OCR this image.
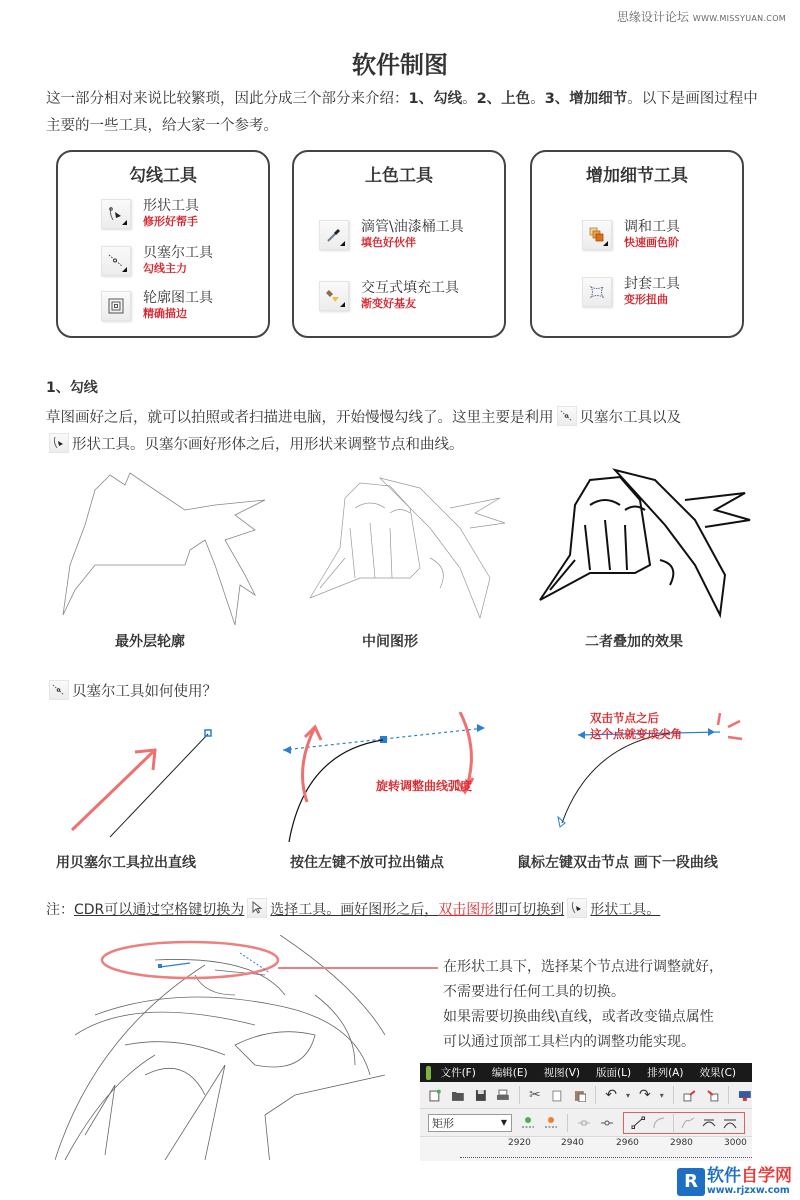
思缘设计论坛 WWW.MISSYUAN.COM
软件制图
这一部分相对来说比较繁琐，因此分成三个部分来介绍：1、勾线。2、上色。3、增加细节。以下是画图过程中主要的一些工具，给大家一个参考。
勾线工具
形状工具
修形好帮手
贝塞尔工具
勾线主力
轮廓图工具
精确描边
上色工具
滴管\油漆桶工具
填色好伙伴
交互式填充工具
渐变好基友
增加细节工具
调和工具
快速画色阶
封套工具
变形扭曲
1、勾线
草图画好之后，就可以拍照或者扫描进电脑，开始慢慢勾线了。这里主要是利用 贝塞尔工具以及

形状工具。贝塞尔画好形体之后，用形状来调整节点和曲线。
最外层轮廓	中间图形	二者叠加的效果
贝塞尔工具如何使用？
旋转调整曲线弧度
双击节点之后
这个点就变成尖角
用贝塞尔工具拉出直线	按住左键不放可拉出锚点	鼠标左键双击节点 画下一段曲线
注：CDR可以通过空格键切换为 选择工具。画好图形之后，双击图形即可切换到 形状工具。
在形状工具下，选择某个节点进行调整就好，
不需要进行任何工具的切换。
如果需要切换曲线\直线，或者改变锚点属性
可以通过顶部工具栏内的调整功能实现。
文件(F) 编辑(E) 视图(V) 版面(L) 排列(A) 效果(C)
✂	↶ ▾ ↷ ▾
矩形	▼
2920	2940	2960	2980	3000
R 软件自学网
www.rjzxw.com
